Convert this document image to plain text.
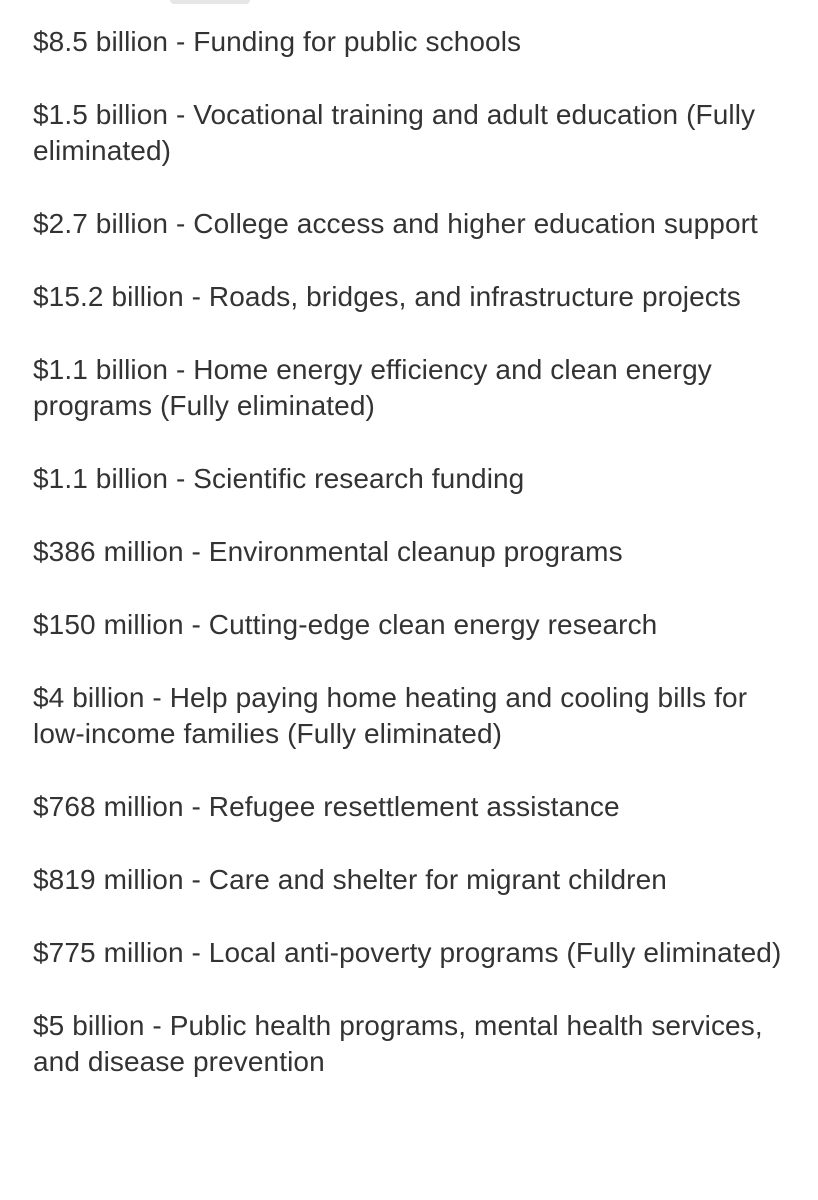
$8.5 billion - Funding for public schools
$1.5 billion - Vocational training and adult education (Fully eliminated)
$2.7 billion - College access and higher education support
$15.2 billion - Roads, bridges, and infrastructure projects
$1.1 billion - Home energy efficiency and clean energy programs (Fully eliminated)
$1.1 billion - Scientific research funding
$386 million - Environmental cleanup programs
$150 million - Cutting-edge clean energy research
$4 billion - Help paying home heating and cooling bills for low-income families (Fully eliminated)
$768 million - Refugee resettlement assistance
$819 million - Care and shelter for migrant children
$775 million - Local anti-poverty programs (Fully eliminated)
$5 billion - Public health programs, mental health services, and disease prevention
